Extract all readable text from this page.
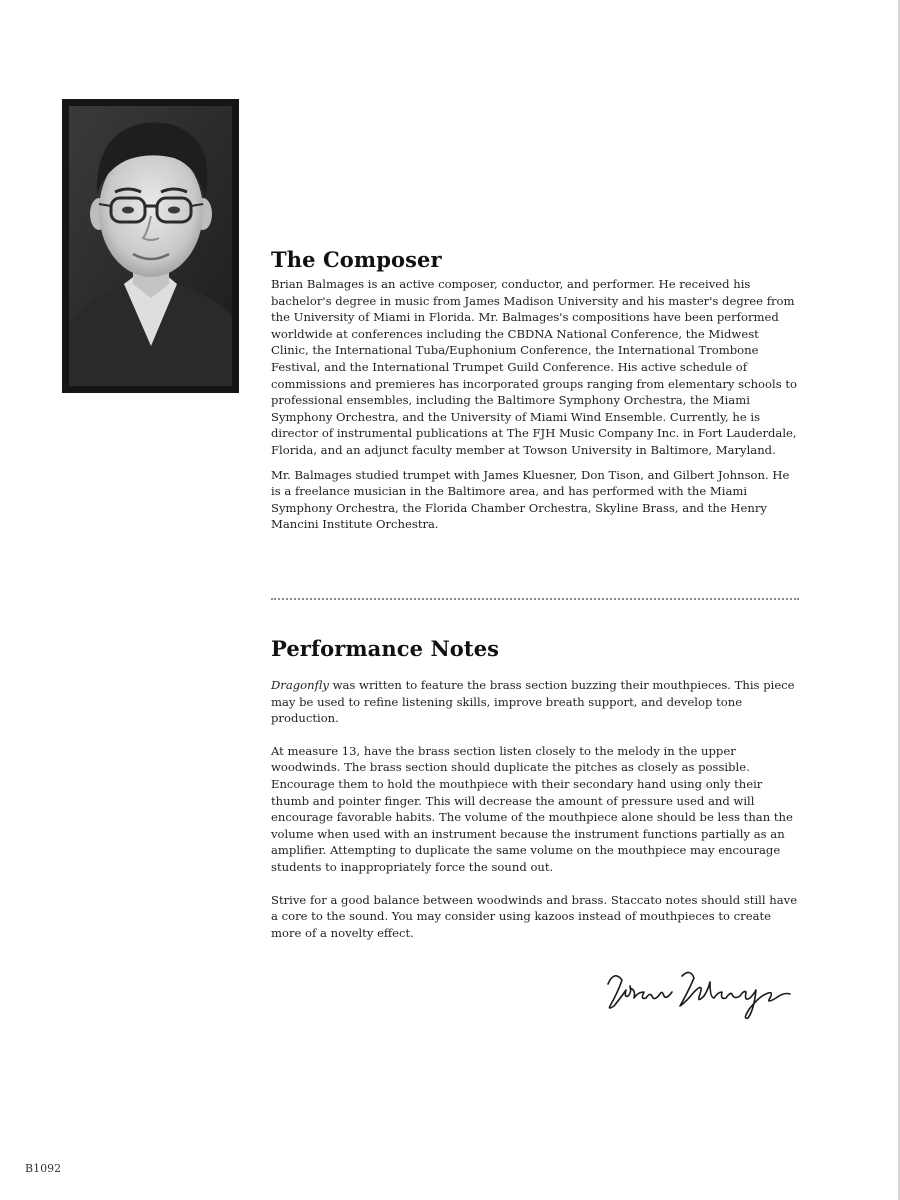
The Composer

Brian Balmages is an active composer, conductor, and performer. He received his bachelor's degree in music from James Madison University and his master's degree from the University of Miami in Florida. Mr. Balmages's compositions have been performed worldwide at conferences including the CBDNA National Conference, the Midwest Clinic, the International Tuba/Euphonium Conference, the International Trombone Festival, and the International Trumpet Guild Conference. His active schedule of commissions and premieres has incorporated groups ranging from elementary schools to professional ensembles, including the Baltimore Symphony Orchestra, the Miami Symphony Orchestra, and the University of Miami Wind Ensemble. Currently, he is director of instrumental publications at The FJH Music Company Inc. in Fort Lauderdale, Florida, and an adjunct faculty member at Towson University in Baltimore, Maryland.

Mr. Balmages studied trumpet with James Kluesner, Don Tison, and Gilbert Johnson. He is a freelance musician in the Baltimore area, and has performed with the Miami Symphony Orchestra, the Florida Chamber Orchestra, Skyline Brass, and the Henry Mancini Institute Orchestra.

Performance Notes

Dragonfly was written to feature the brass section buzzing their mouthpieces. This piece may be used to refine listening skills, improve breath support, and develop tone production.

At measure 13, have the brass section listen closely to the melody in the upper woodwinds. The brass section should duplicate the pitches as closely as possible. Encourage them to hold the mouthpiece with their secondary hand using only their thumb and pointer finger. This will decrease the amount of pressure used and will encourage favorable habits. The volume of the mouthpiece alone should be less than the volume when used with an instrument because the instrument functions partially as an amplifier. Attempting to duplicate the same volume on the mouthpiece may encourage students to inappropriately force the sound out.

Strive for a good balance between woodwinds and brass. Staccato notes should still have a core to the sound. You may consider using kazoos instead of mouthpieces to create more of a novelty effect.

B1092
